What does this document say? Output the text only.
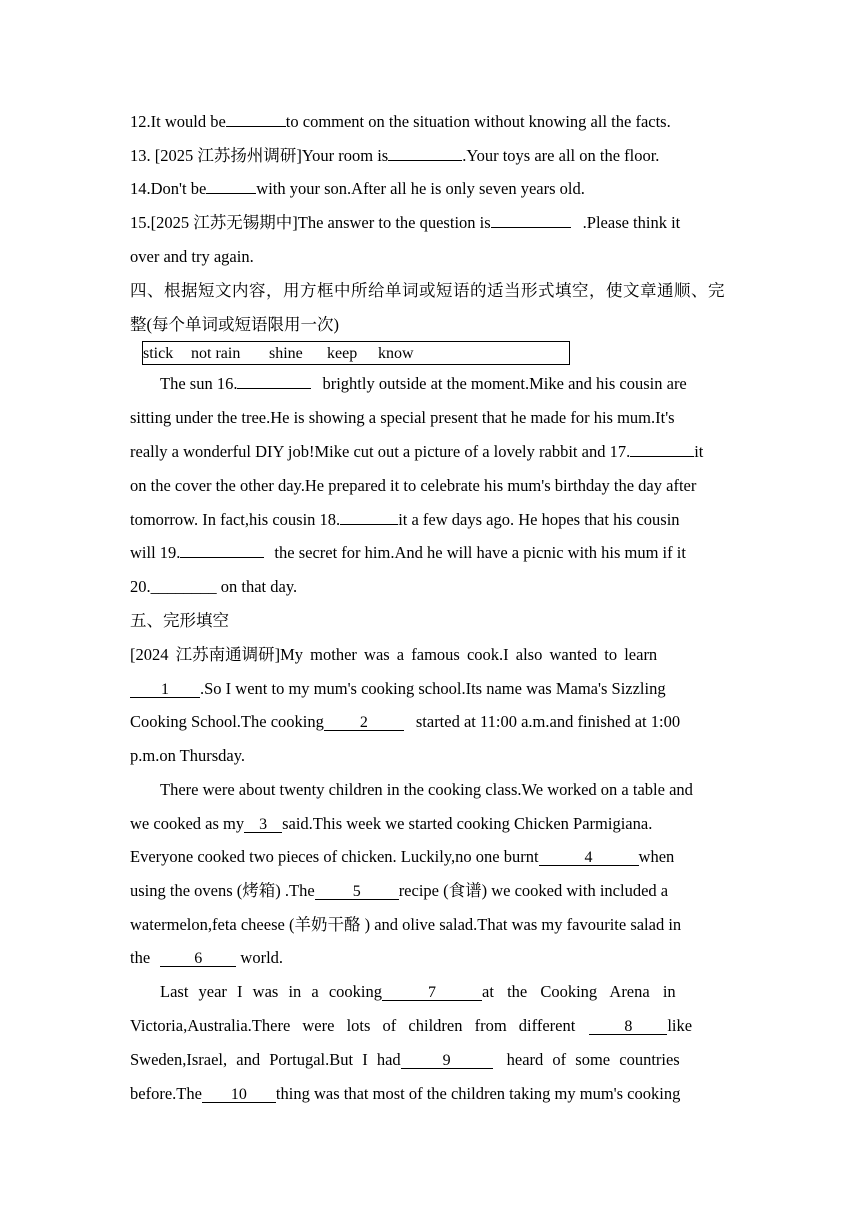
12.It would be	to comment on the situation without knowing all the facts.
13. [2025 江苏扬州调研]Your room is	.Your toys are all on the floor.
14.Don't be	with your son.After all he is only seven years old.
15.[2025 江苏无锡期中]The answer to the question is	.Please think it
over and try again.
四、根据短文内容，用方框中所给单词或短语的适当形式填空，使文章通顺、完
整(每个单词或短语限用一次)
stick not rain shine keep know
The sun 16.	brightly outside at the moment.Mike and his cousin are
sitting under the tree.He is showing a special present that he made for his mum.It's
really a wonderful DIY job!Mike cut out a picture of a lovely rabbit and 17.	it
on the cover the other day.He prepared it to celebrate his mum's birthday the day after
tomorrow. In fact,his cousin 18.	it a few days ago. He hopes that his cousin
will 19.	the secret for him.And he will have a picnic with his mum if it
20.________ on that day.
五、完形填空
[2024 江苏南通调研]My mother was a famous cook.I also wanted to learn
1 .So I went to my mum's cooking school.Its name was Mama's Sizzling
Cooking School.The cooking 2	started at 11:00 a.m.and finished at 1:00
p.m.on Thursday.
There were about twenty children in the cooking class.We worked on a table and
we cooked as my 3 said.This week we started cooking Chicken Parmigiana.
Everyone cooked two pieces of chicken. Luckily,no one burnt	4	when
using the ovens (烤箱) .The 5 recipe (食谱) we cooked with included a
watermelon,feta cheese (羊奶干酪 ) and olive salad.That was my favourite salad in
the	6 world.
Last year I was in a cooking	7	at the Cooking Arena in
Victoria,Australia.There were lots of children from different	8 like
Sweden,Israel, and Portugal.But I had	9	heard of some countries
before.The 10 thing was that most of the children taking my mum's cooking
